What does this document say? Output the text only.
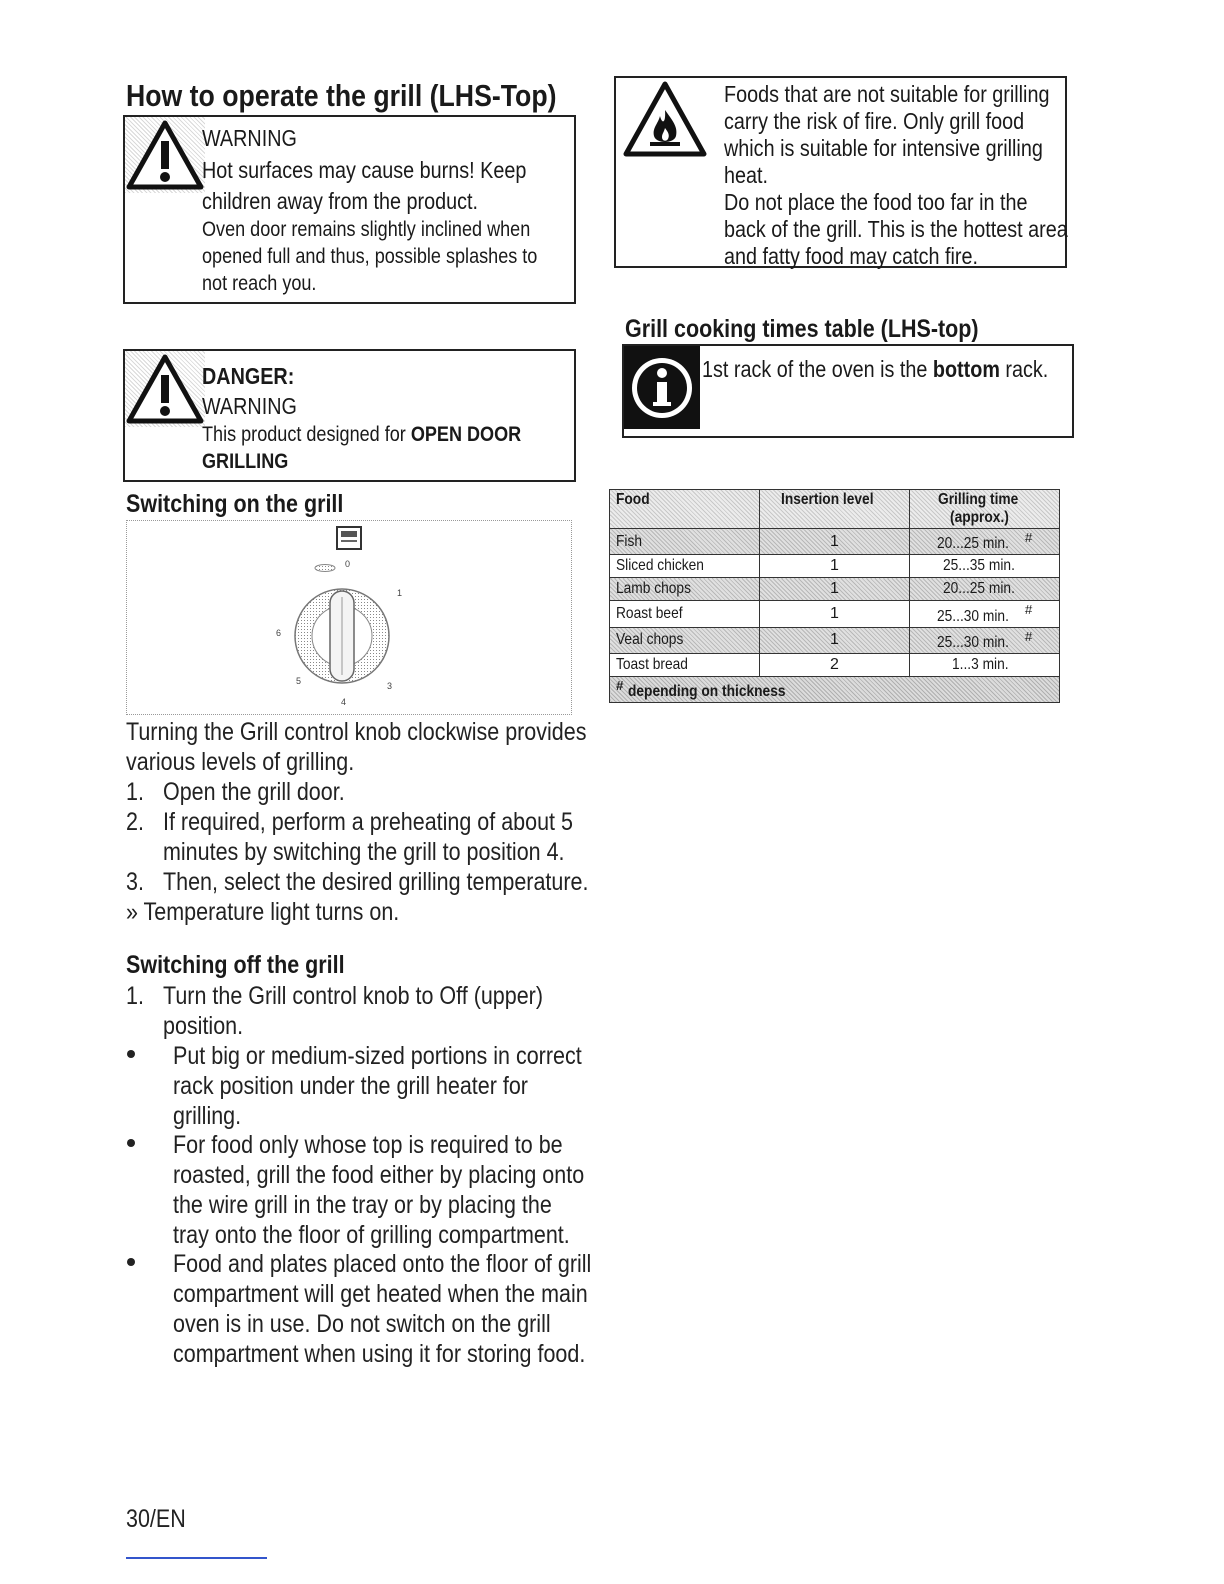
How to operate the grill (LHS-Top)
WARNING
Hot surfaces may cause burns! Keep
children away from the product.
Oven door remains slightly inclined when
opened full and thus, possible splashes to
not reach you.
DANGER:
WARNING
This product designed for OPEN DOOR
GRILLING
Switching on the grill
0
1
3
4
5
6
Turning the Grill control knob clockwise provides
various levels of grilling.
1. Open the grill door.
2. If required, perform a preheating of about 5
minutes by switching the grill to position 4.
3. Then, select the desired grilling temperature.
» Temperature light turns on.
Switching off the grill
1. Turn the Grill control knob to Off (upper)
position.
Put big or medium-sized portions in correct
rack position under the grill heater for
grilling.
For food only whose top is required to be
roasted, grill the food either by placing onto
the wire grill in the tray or by placing the
tray onto the floor of grilling compartment.
Food and plates placed onto the floor of grill
compartment will get heated when the main
oven is in use. Do not switch on the grill
compartment when using it for storing food.
30/EN
Foods that are not suitable for grilling
carry the risk of fire. Only grill food
which is suitable for intensive grilling
heat.
Do not place the food too far in the
back of the grill. This is the hottest area
and fatty food may catch fire.
Grill cooking times table (LHS-top)
1st rack of the oven is the bottom rack.
Food	Insertion level	Grilling time
(approx.)
Fish	1	20...25 min. #
Sliced chicken	1	25...35 min.
Lamb chops	1	20...25 min.
Roast beef	1	25...30 min. #
Veal chops	1	25...30 min. #
Toast bread	2	1...3 min.
# depending on thickness		
